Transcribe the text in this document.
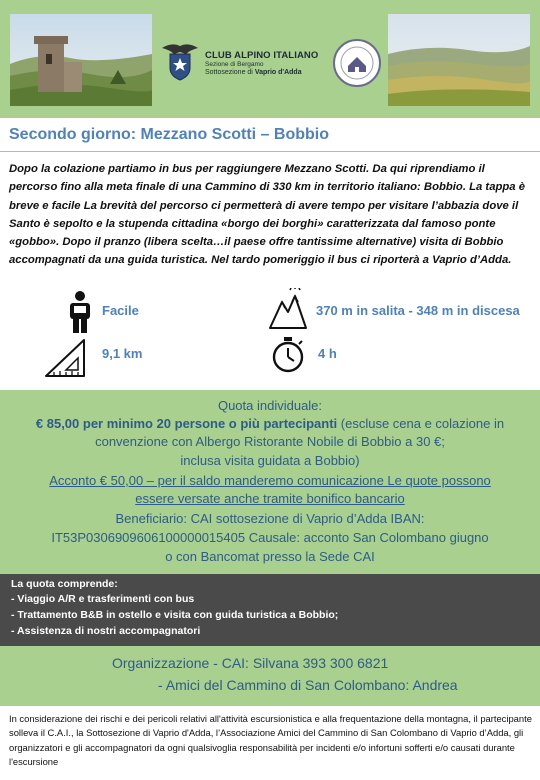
CLUB ALPINO ITALIANO
Sezione di Bergamo
Sottosezione di Vaprio d'Adda
Secondo giorno: Mezzano Scotti – Bobbio
Dopo la colazione partiamo in bus per raggiungere Mezzano Scotti. Da qui riprendiamo il percorso fino alla meta finale di una Cammino di 330 km in territorio italiano: Bobbio. La tappa è breve e facile La brevità del percorso ci permetterà di avere tempo per visitare l’abbazia dove il Santo è sepolto e la stupenda cittadina «borgo dei borghi» caratterizzata dal famoso ponte «gobbo». Dopo il pranzo (libera scelta…il paese offre tantissime alternative) visita di Bobbio accompagnati da una guida turistica. Nel tardo pomeriggio il bus ci riporterà a Vaprio d’Adda.
Facile	370 m in salita - 348 m in discesa
9,1 km	4 h
Quota individuale:
€ 85,00 per minimo 20 persone o più partecipanti (escluse cena e colazione in
convenzione con Albergo Ristorante Nobile di Bobbio a 30 €;
inclusa visita guidata a Bobbio)
Acconto € 50,00 – per il saldo manderemo comunicazione Le quote possono
essere versate anche tramite bonifico bancario
Beneficiario: CAI sottosezione di Vaprio d’Adda IBAN:
IT53P0306909606100000015405 Causale: acconto San Colombano giugno
o con Bancomat presso la Sede CAI
La quota comprende:
- Viaggio A/R e trasferimenti con bus
- Trattamento B&B in ostello e visita con guida turistica a Bobbio;
- Assistenza di nostri accompagnatori
Organizzazione - CAI: Silvana 393 300 6821
- Amici del Cammino di San Colombano: Andrea
In considerazione dei rischi e dei pericoli relativi all'attività escursionistica e alla frequentazione della montagna, il partecipante solleva il C.A.I., la Sottosezione di Vaprio d'Adda, l’Associazione Amici del Cammino di San Colombano di Vaprio d’Adda, gli organizzatori e gli accompagnatori da ogni qualsivoglia responsabilità per incidenti e/o infortuni sofferti e/o causati durante l'escursione
